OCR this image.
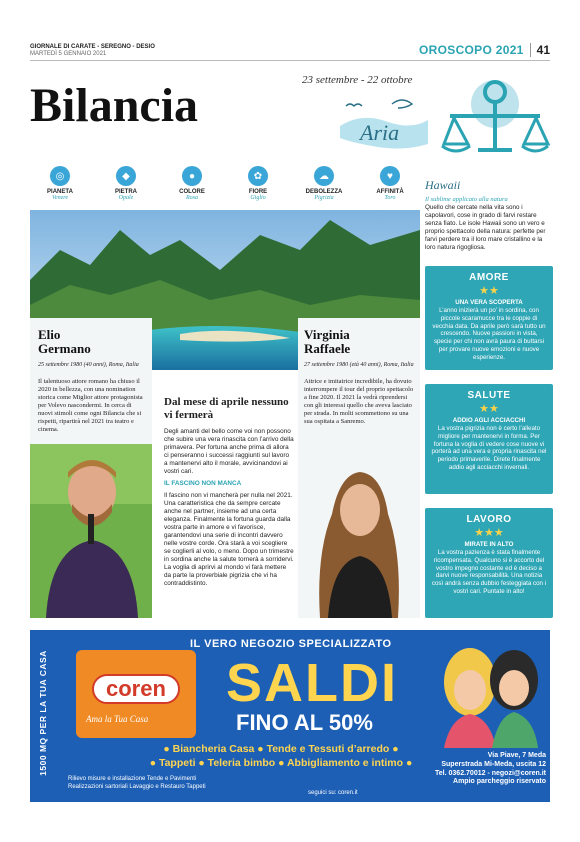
GIORNALE DI CARATE - SEREGNO - DESIO
MARTEDÌ 5 GENNAIO 2021	OROSCOPO 2021	41
Bilancia	23 settembre - 22 ottobre
Aria
◎
PIANETA
Venere
◆
PIETRA
Opale
●
COLORE
Rosa
✿
FIORE
Giglio
☁
DEBOLEZZA
Pigrizia
♥
AFFINITÀ
Toro
Hawaii
Il sublime applicato alla natura
Quello che cercate nella vita sono i capolavori, cose in grado di farvi restare senza fiato. Le isole Hawaii sono un vero e proprio spettacolo della natura: perfette per farvi perdere tra il loro mare cristallino e la loro natura rigogliosa.
Elio
Germano
25 settembre 1980 (40 anni), Roma, Italia
Il talentuoso attore romano ha chiuso il 2020 in bellezza, con una nomination storica come Miglior attore protagonista per Volevo nascondermi. In cerca di nuovi stimoli come ogni Bilancia che si rispetti, ripartirà nel 2021 tra teatro e cinema.
Virginia
Raffaele
27 settembre 1980 (età 40 anni), Roma, Italia
Attrice e imitatrice incredibile, ha dovuto interrompere il tour del proprio spettacolo a fine 2020. Il 2021 la vedrà riprendersi con gli interessi quello che aveva lasciato per strada. In molti scommettono su una sua ospitata a Sanremo.
Dal mese di aprile nessuno vi fermerà

Degli amanti del bello come voi non possono che subire una vera rinascita con l’arrivo della primavera. Per fortuna anche prima di allora ci penseranno i successi raggiunti sul lavoro a mantenervi alto il morale, avvicinandovi ai vostri cari.

IL FASCINO NON MANCA

Il fascino non vi mancherà per nulla nel 2021. Una caratteristica che da sempre cercate anche nel partner, insieme ad una certa eleganza. Finalmente la fortuna guarda dalla vostra parte in amore e vi favorisce, garantendovi una serie di incontri davvero nelle vostre corde. Ora starà a voi scegliere se coglierli al volo, o meno. Dopo un trimestre in sordina anche la salute tornerà a sorridervi. La voglia di aprirvi al mondo vi farà mettere da parte la proverbiale pigrizia che vi ha contraddistinto.

AMORE
★★
UNA VERA SCOPERTA
L’anno inizierà un po’ in sordina, con piccole scaramucce tra le coppie di vecchia data. Da aprile però sarà tutto un crescendo. Nuove passioni in vista, specie per chi non avrà paura di buttarsi per provare nuove emozioni e nuove esperienze.
SALUTE
★★
ADDIO AGLI ACCIACCHI
La vostra pigrizia non è certo l’alleato migliore per mantenervi in forma. Per fortuna la voglia di vedere cose nuove vi porterà ad una vera e propria rinascita nel periodo primaverile. Direte finalmente addio agli acciacchi invernali.
LAVORO
★★★
MIRATE IN ALTO
La vostra pazienza è stata finalmente ricompensata. Qualcuno si è accorto del vostro impegno costante ed è deciso a darvi nuove responsabilità. Una notizia così andrà senza dubbio festeggiata con i vostri cari. Puntate in alto!
1500 MQ PER LA TUA CASA
IL VERO NEGOZIO SPECIALIZZATO
coren
Ama la Tua Casa
SALDI
FINO AL 50%
● Biancheria Casa ● Tende e Tessuti d’arredo ●
● Tappeti ● Teleria bimbo ● Abbigliamento e intimo ●
Rilievo misure e installazione Tende e Pavimenti
Realizzazioni sartoriali Lavaggio e Restauro Tappeti
seguici su: coren.it
Via Piave, 7 Meda
Superstrada Mi-Meda, uscita 12
Tel. 0362.70012 - negozi@coren.it
Ampio parcheggio riservato
